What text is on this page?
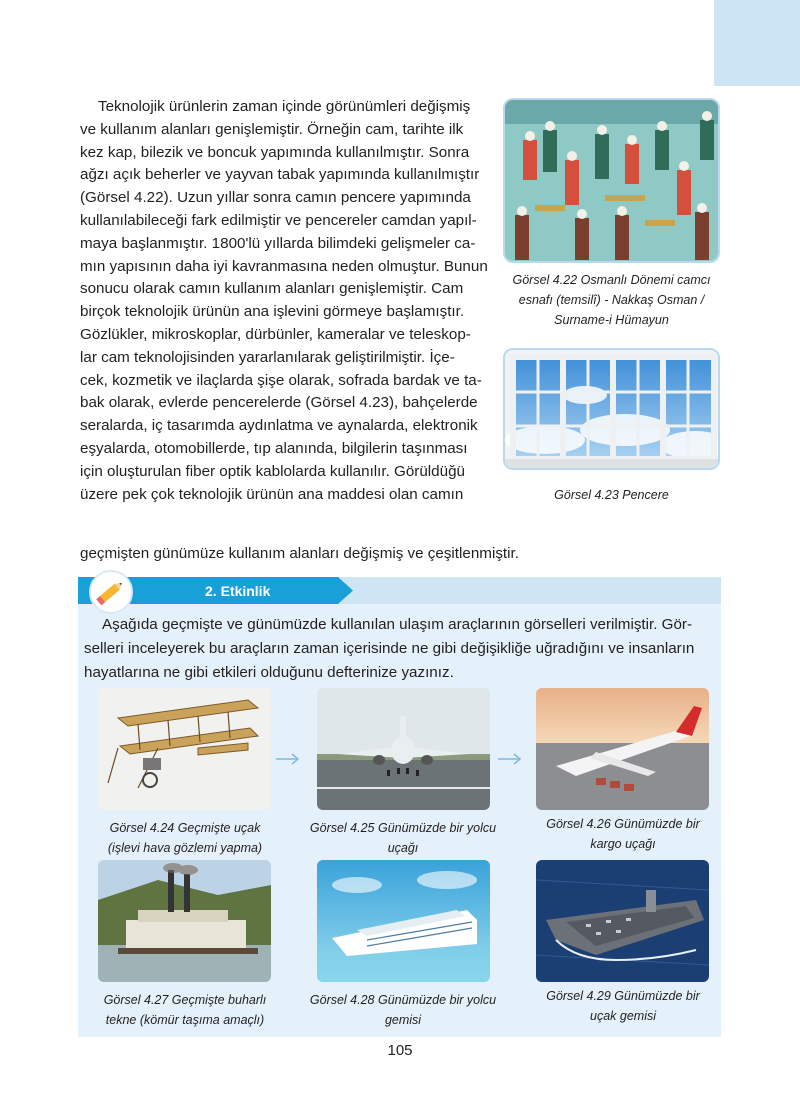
Teknolojik ürünlerin zaman içinde görünümleri değişmiş
ve kullanım alanları genişlemiştir. Örneğin cam, tarihte ilk
kez kap, bilezik ve boncuk yapımında kullanılmıştır. Sonra
ağzı açık beherler ve yayvan tabak yapımında kullanılmıştır
(Görsel 4.22). Uzun yıllar sonra camın pencere yapımında
kullanılabileceği fark edilmiştir ve pencereler camdan yapıl-
maya başlanmıştır. 1800'lü yıllarda bilimdeki gelişmeler ca-
mın yapısının daha iyi kavranmasına neden olmuştur. Bunun
sonucu olarak camın kullanım alanları genişlemiştir. Cam
birçok teknolojik ürünün ana işlevini görmeye başlamıştır.
Gözlükler, mikroskoplar, dürbünler, kameralar ve teleskop-
lar cam teknolojisinden yararlanılarak geliştirilmiştir. İçe-
cek, kozmetik ve ilaçlarda şişe olarak, sofrada bardak ve ta-
bak olarak, evlerde pencerelerde (Görsel 4.23), bahçelerde
seralarda, iç tasarımda aydınlatma ve aynalarda, elektronik
eşyalarda, otomobillerde, tıp alanında, bilgilerin taşınması
için oluşturulan fiber optik kablolarda kullanılır. Görüldüğü
üzere pek çok teknolojik ürünün ana maddesi olan camın
geçmişten günümüze kullanım alanları değişmiş ve çeşitlenmiştir.
Görsel 4.22 Osmanlı Dönemi camcı
esnafı (temsilî) - Nakkaş Osman /
Surname-i Hümayun
Görsel 4.23 Pencere
2. Etkinlik
Aşağıda geçmişte ve günümüzde kullanılan ulaşım araçlarının görselleri verilmiştir. Gör-
selleri inceleyerek bu araçların zaman içerisinde ne gibi değişikliğe uğradığını ve insanların
hayatlarına ne gibi etkileri olduğunu defterinize yazınız.
Görsel 4.24 Geçmişte uçak
(işlevi hava gözlemi yapma)
Görsel 4.25 Günümüzde bir yolcu
uçağı
Görsel 4.26 Günümüzde bir
kargo uçağı
Görsel 4.27 Geçmişte buharlı
tekne (kömür taşıma amaçlı)
Görsel 4.28 Günümüzde bir yolcu
gemisi
Görsel 4.29 Günümüzde bir
uçak gemisi
105
